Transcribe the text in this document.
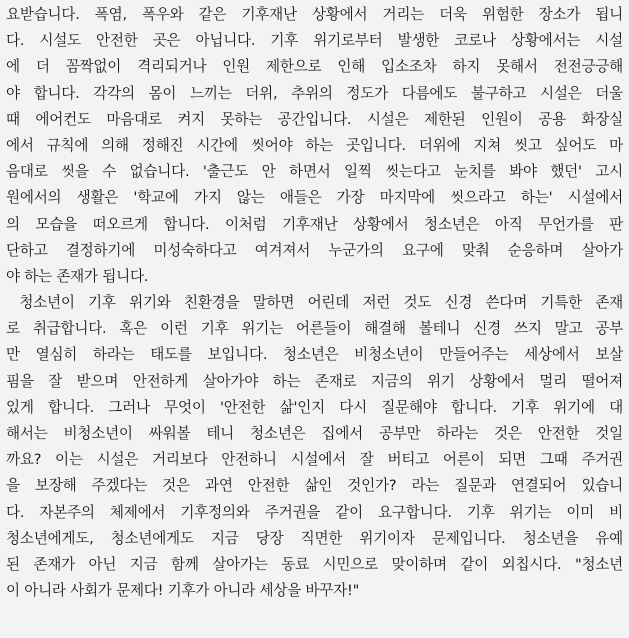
요받습니다. 폭염, 폭우와 같은 기후재난 상황에서 거리는 더욱 위험한 장소가 됩니
다. 시설도 안전한 곳은 아닙니다. 기후 위기로부터 발생한 코로나 상황에서는 시설
에 더 꼼짝없이 격리되거나 인원 제한으로 인해 입소조차 하지 못해서 전전긍긍해
야 합니다. 각각의 몸이 느끼는 더위, 추위의 정도가 다름에도 불구하고 시설은 더울
때 에어컨도 마음대로 켜지 못하는 공간입니다. 시설은 제한된 인원이 공용 화장실
에서 규칙에 의해 정해진 시간에 씻어야 하는 곳입니다. 더위에 지쳐 씻고 싶어도 마
음대로 씻을 수 없습니다. '출근도 안 하면서 일찍 씻는다고 눈치를 봐야 했던' 고시
원에서의 생활은 '학교에 가지 않는 애들은 가장 마지막에 씻으라고 하는' 시설에서
의 모습을 떠오르게 합니다. 이처럼 기후재난 상황에서 청소년은 아직 무언가를 판
단하고 결정하기에 미성숙하다고 여겨져서 누군가의 요구에 맞춰 순응하며 살아가
야 하는 존재가 됩니다.
청소년이 기후 위기와 친환경을 말하면 어린데 저런 것도 신경 쓴다며 기특한 존재
로 취급합니다. 혹은 이런 기후 위기는 어른들이 해결해 볼테니 신경 쓰지 말고 공부
만 열심히 하라는 태도를 보입니다. 청소년은 비청소년이 만들어주는 세상에서 보살
핌을 잘 받으며 안전하게 살아가야 하는 존재로 지금의 위기 상황에서 멀리 떨어져
있게 합니다. 그러나 무엇이 '안전한 삶'인지 다시 질문해야 합니다. 기후 위기에 대
해서는 비청소년이 싸워볼 테니 청소년은 집에서 공부만 하라는 것은 안전한 것일
까요? 이는 시설은 거리보다 안전하니 시설에서 잘 버티고 어른이 되면 그때 주거권
을 보장해 주겠다는 것은 과연 안전한 삶인 것인가? 라는 질문과 연결되어 있습니
다. 자본주의 체제에서 기후정의와 주거권을 같이 요구합니다. 기후 위기는 이미 비
청소년에게도, 청소년에게도 지금 당장 직면한 위기이자 문제입니다. 청소년을 유예
된 존재가 아닌 지금 함께 살아가는 동료 시민으로 맞이하며 같이 외칩시다. "청소년
이 아니라 사회가 문제다! 기후가 아니라 세상을 바꾸자!"
